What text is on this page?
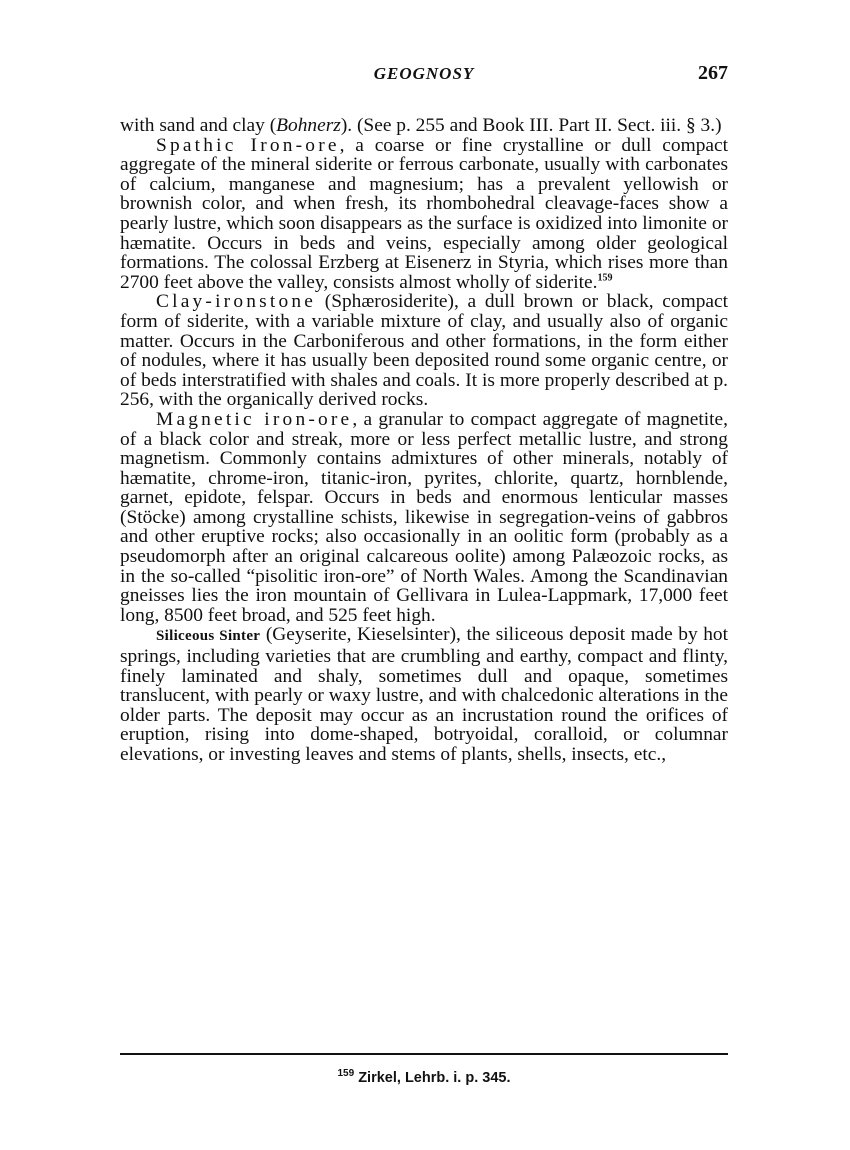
GEOGNOSY	267

with sand and clay (Bohnerz). (See p. 255 and Book III. Part II. Sect. iii. § 3.)

Spathic Iron-ore, a coarse or fine crystalline or dull compact aggregate of the mineral siderite or ferrous carbonate, usually with carbonates of calcium, manganese and magnesium; has a prevalent yellowish or brownish color, and when fresh, its rhombohedral cleavage-faces show a pearly lustre, which soon disappears as the surface is oxidized into limonite or hæmatite. Occurs in beds and veins, especially among older geological formations. The colossal Erzberg at Eisenerz in Styria, which rises more than 2700 feet above the valley, consists almost wholly of siderite.$^{159}$

Clay-ironstone (Sphærosiderite), a dull brown or black, compact form of siderite, with a variable mixture of clay, and usually also of organic matter. Occurs in the Carboniferous and other formations, in the form either of nodules, where it has usually been deposited round some organic centre, or of beds interstratified with shales and coals. It is more properly described at p. 256, with the organically derived rocks.

Magnetic iron-ore, a granular to compact aggregate of magnetite, of a black color and streak, more or less perfect metallic lustre, and strong magnetism. Commonly contains admixtures of other minerals, notably of hæmatite, chrome-iron, titanic-iron, pyrites, chlorite, quartz, hornblende, garnet, epidote, felspar. Occurs in beds and enormous lenticular masses (Stöcke) among crystalline schists, likewise in segregation-veins of gabbros and other eruptive rocks; also occasionally in an oolitic form (probably as a pseudomorph after an original calcareous oolite) among Palæozoic rocks, as in the so-called “pisolitic iron-ore” of North Wales. Among the Scandinavian gneisses lies the iron mountain of Gellivara in Lulea-Lappmark, 17,000 feet long, 8500 feet broad, and 525 feet high.

Siliceous Sinter (Geyserite, Kieselsinter), the siliceous deposit made by hot springs, including varieties that are crumbling and earthy, compact and flinty, finely laminated and shaly, sometimes dull and opaque, sometimes translucent, with pearly or waxy lustre, and with chalcedonic alterations in the older parts. The deposit may occur as an incrustation round the orifices of eruption, rising into dome-shaped, botryoidal, coralloid, or columnar elevations, or investing leaves and stems of plants, shells, insects, etc.,

$^{159}$ Zirkel, Lehrb. i. p. 345.
